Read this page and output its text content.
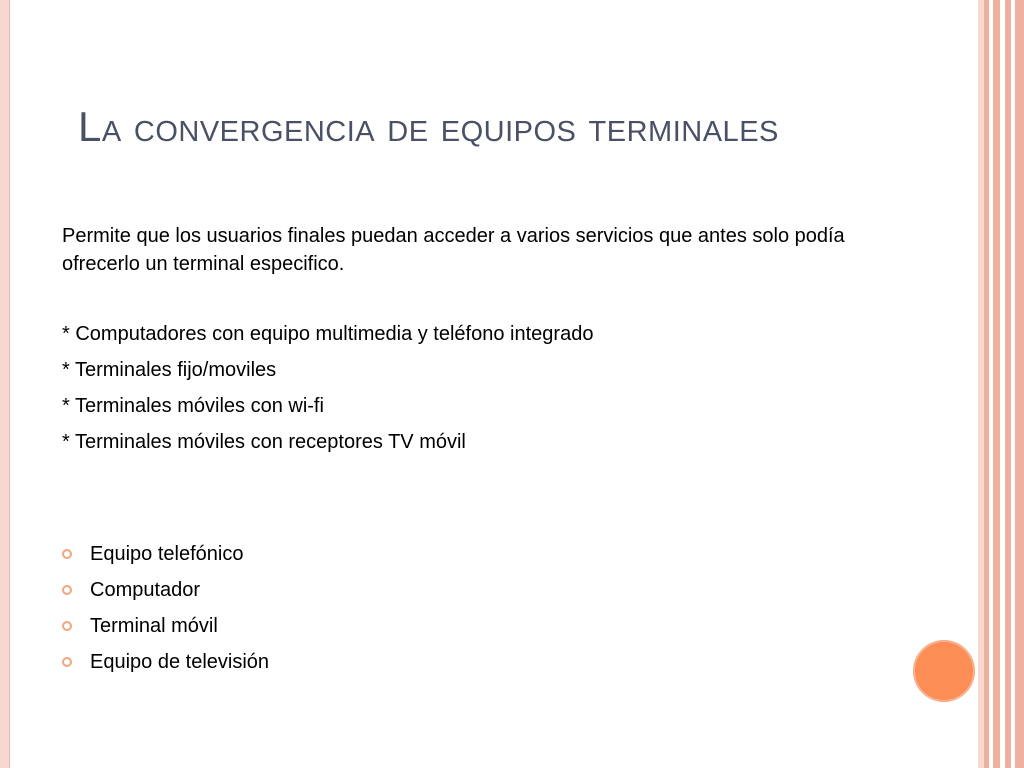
La convergencia de equipos terminales

Permite que los usuarios finales puedan acceder a varios servicios que antes solo podía ofrecerlo un terminal especifico.

* Computadores con equipo multimedia y teléfono integrado
* Terminales fijo/moviles
* Terminales móviles con wi-fi
* Terminales móviles con receptores TV móvil
Equipo telefónico
Computador
Terminal móvil
Equipo de televisión
